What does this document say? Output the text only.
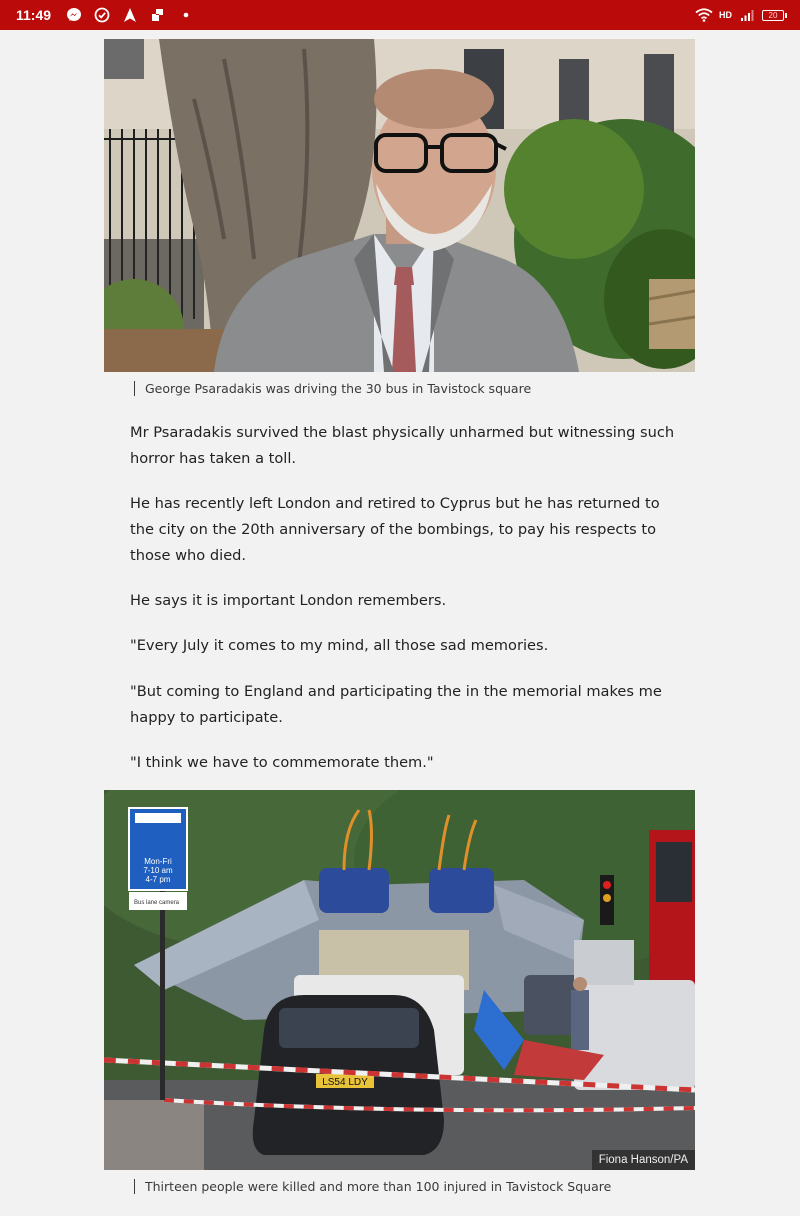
11:49	HD	20
George Psaradakis was driving the 30 bus in Tavistock square

Mr Psaradakis survived the blast physically unharmed but witnessing such horror has taken a toll.

He has recently left London and retired to Cyprus but he has returned to the city on the 20th anniversary of the bombings, to pay his respects to those who died.

He says it is important London remembers.

"Every July it comes to my mind, all those sad memories.

"But coming to England and participating the in the memorial makes me happy to participate.

"I think we have to commemorate them."

LS54 LDY
Mon-Fri
7-10 am
4-7 pm
Bus lane camera
Fiona Hanson/PA
Thirteen people were killed and more than 100 injured in Tavistock Square
